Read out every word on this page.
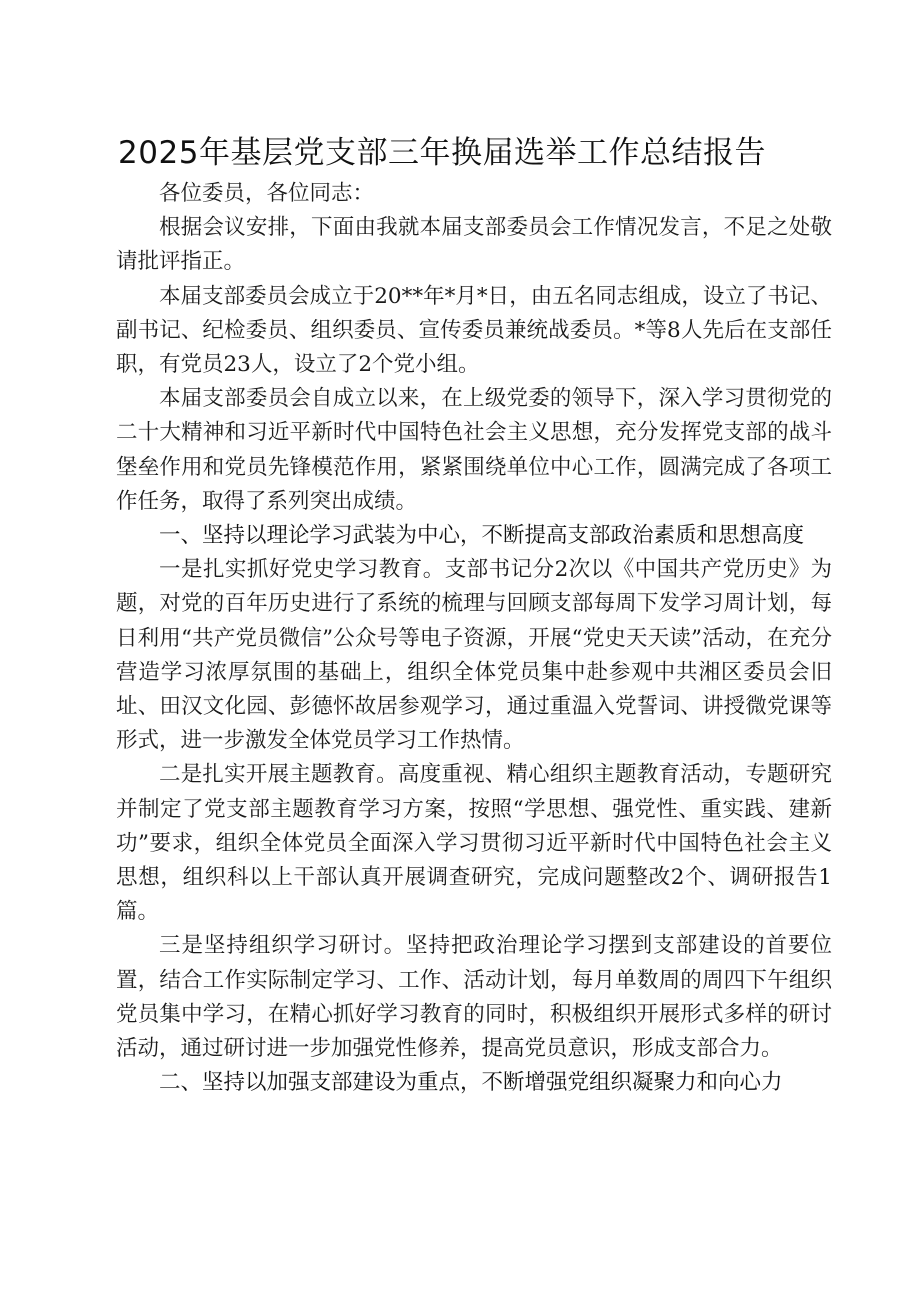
2025年基层党支部三年换届选举工作总结报告

各位委员，各位同志：

根据会议安排，下面由我就本届支部委员会工作情况发言，不足之处敬请批评指正。

本届支部委员会成立于20**年*月*日，由五名同志组成，设立了书记、副书记、纪检委员、组织委员、宣传委员兼统战委员。*等8人先后在支部任职，有党员23人，设立了2个党小组。

本届支部委员会自成立以来，在上级党委的领导下，深入学习贯彻党的二十大精神和习近平新时代中国特色社会主义思想，充分发挥党支部的战斗堡垒作用和党员先锋模范作用，紧紧围绕单位中心工作，圆满完成了各项工作任务，取得了系列突出成绩。

一、坚持以理论学习武装为中心，不断提高支部政治素质和思想高度

一是扎实抓好党史学习教育。支部书记分2次以《中国共产党历史》为题，对党的百年历史进行了系统的梳理与回顾支部每周下发学习周计划，每日利用“共产党员微信”公众号等电子资源，开展“党史天天读”活动，在充分营造学习浓厚氛围的基础上，组织全体党员集中赴参观中共湘区委员会旧址、田汉文化园、彭德怀故居参观学习，通过重温入党誓词、讲授微党课等形式，进一步激发全体党员学习工作热情。

二是扎实开展主题教育。高度重视、精心组织主题教育活动，专题研究并制定了党支部主题教育学习方案，按照“学思想、强党性、重实践、建新功”要求，组织全体党员全面深入学习贯彻习近平新时代中国特色社会主义思想，组织科以上干部认真开展调查研究，完成问题整改2个、调研报告1篇。

三是坚持组织学习研讨。坚持把政治理论学习摆到支部建设的首要位置，结合工作实际制定学习、工作、活动计划，每月单数周的周四下午组织党员集中学习，在精心抓好学习教育的同时，积极组织开展形式多样的研讨活动，通过研讨进一步加强党性修养，提高党员意识，形成支部合力。

二、坚持以加强支部建设为重点，不断增强党组织凝聚力和向心力
